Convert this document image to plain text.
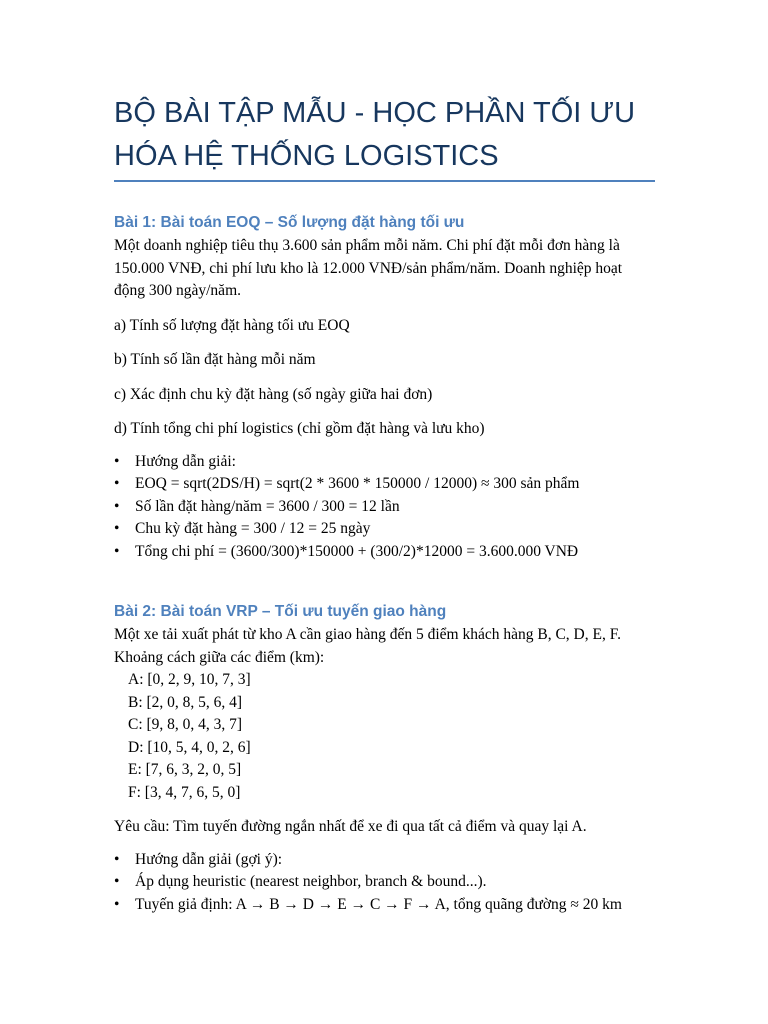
BỘ BÀI TẬP MẪU - HỌC PHẦN TỐI ƯU
HÓA HỆ THỐNG LOGISTICS
Bài 1: Bài toán EOQ – Số lượng đặt hàng tối ưu

Một doanh nghiệp tiêu thụ 3.600 sản phẩm mỗi năm. Chi phí đặt mỗi đơn hàng là

150.000 VNĐ, chi phí lưu kho là 12.000 VNĐ/sản phẩm/năm. Doanh nghiệp hoạt

động 300 ngày/năm.

a) Tính số lượng đặt hàng tối ưu EOQ

b) Tính số lần đặt hàng mỗi năm

c) Xác định chu kỳ đặt hàng (số ngày giữa hai đơn)

d) Tính tổng chi phí logistics (chỉ gồm đặt hàng và lưu kho)

• Hướng dẫn giải:
• EOQ = sqrt(2DS/H) = sqrt(2 * 3600 * 150000 / 12000) ≈ 300 sản phẩm
• Số lần đặt hàng/năm = 3600 / 300 = 12 lần
• Chu kỳ đặt hàng = 300 / 12 = 25 ngày
• Tổng chi phí = (3600/300)*150000 + (300/2)*12000 = 3.600.000 VNĐ
Bài 2: Bài toán VRP – Tối ưu tuyến giao hàng

Một xe tải xuất phát từ kho A cần giao hàng đến 5 điểm khách hàng B, C, D, E, F.

Khoảng cách giữa các điểm (km):

A: [0, 2, 9, 10, 7, 3]

B: [2, 0, 8, 5, 6, 4]

C: [9, 8, 0, 4, 3, 7]

D: [10, 5, 4, 0, 2, 6]

E: [7, 6, 3, 2, 0, 5]

F: [3, 4, 7, 6, 5, 0]

Yêu cầu: Tìm tuyến đường ngắn nhất để xe đi qua tất cả điểm và quay lại A.

• Hướng dẫn giải (gợi ý):
• Áp dụng heuristic (nearest neighbor, branch & bound...).
• Tuyến giả định: A → B → D → E → C → F → A, tổng quãng đường ≈ 20 km
